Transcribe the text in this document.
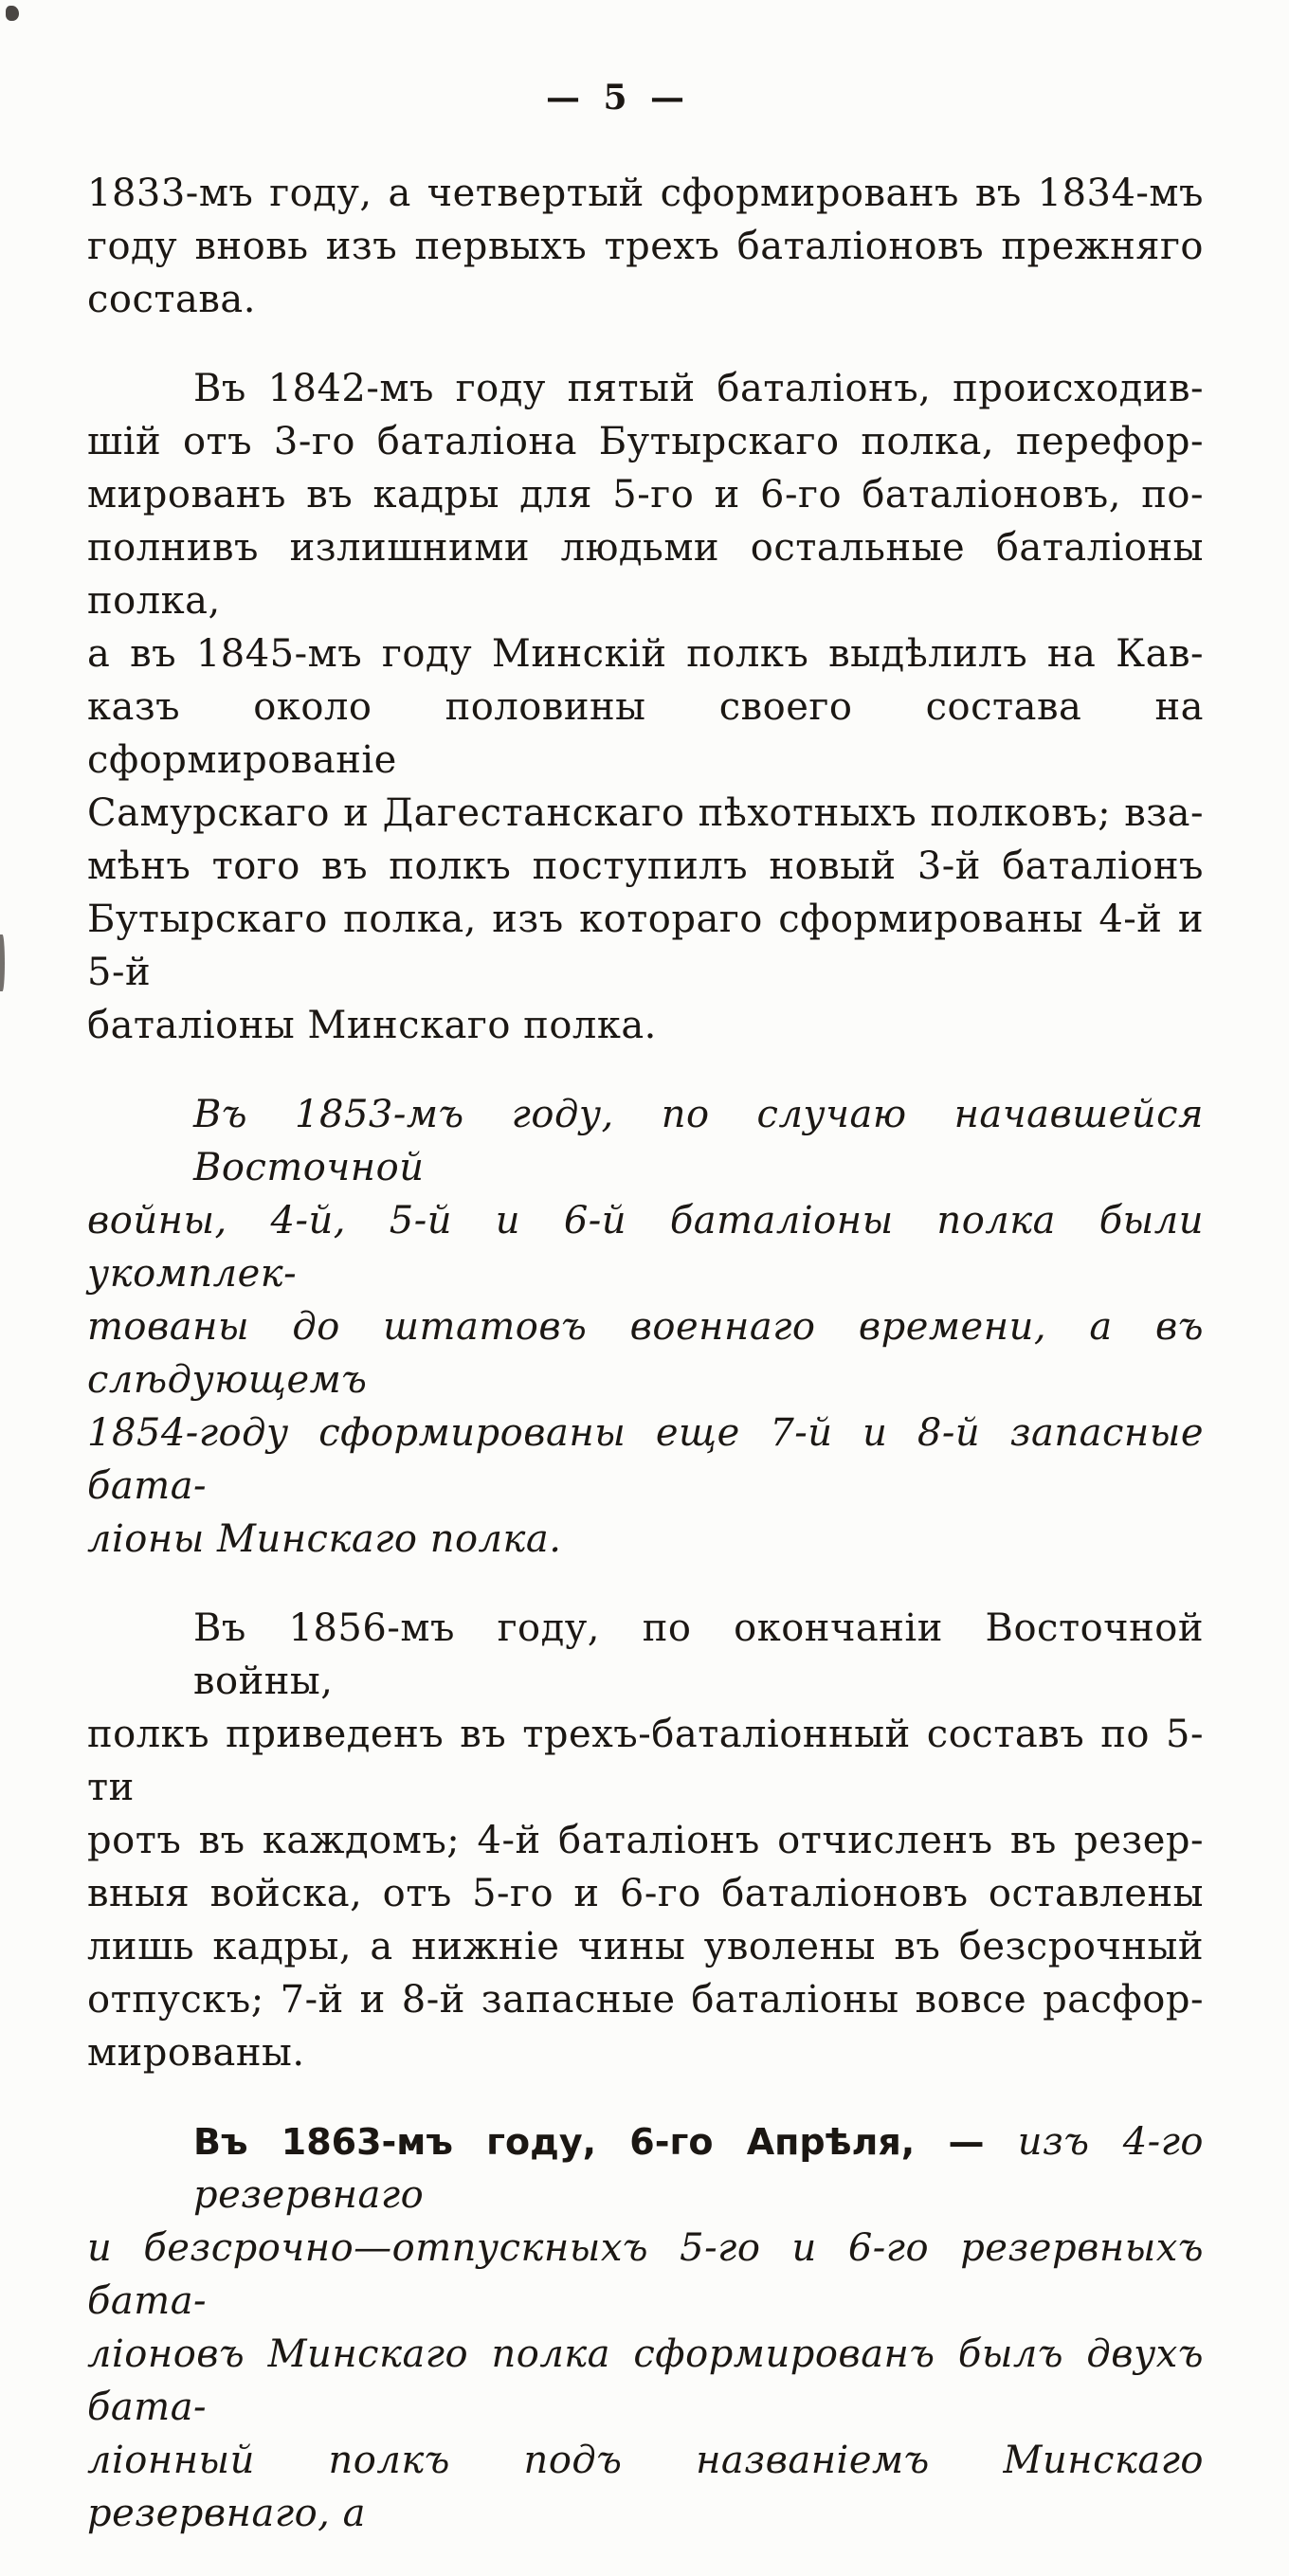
— 5 —

1833-мъ году, а четвертый сформированъ въ 1834-мъ
году вновь изъ первыхъ трехъ баталіоновъ прежняго
состава.

Въ 1842-мъ году пятый баталіонъ, происходив-
шій отъ 3-го баталіона Бутырскаго полка, перефор-
мированъ въ кадры для 5-го и 6-го баталіоновъ, по-
полнивъ излишними людьми остальные баталіоны полка,
а въ 1845-мъ году Минскій полкъ выдѣлилъ на Кав-
казъ около половины своего состава на сформированіе
Самурскаго и Дагестанскаго пѣхотныхъ полковъ; вза-
мѣнъ того въ полкъ поступилъ новый 3-й баталіонъ
Бутырскаго полка, изъ котораго сформированы 4-й и 5-й
баталіоны Минскаго полка.

Въ 1853-мъ году, по случаю начавшейся Восточной
войны, 4-й, 5-й и 6-й баталіоны полка были укомплек-
тованы до штатовъ военнаго времени, а въ слѣдующемъ
1854-году сформированы еще 7-й и 8-й запасные бата-
ліоны Минскаго полка.

Въ 1856-мъ году, по окончаніи Восточной войны,
полкъ приведенъ въ трехъ-баталіонный составъ по 5-ти
ротъ въ каждомъ; 4-й баталіонъ отчисленъ въ резер-
вныя войска, отъ 5-го и 6-го баталіоновъ оставлены
лишь кадры, а нижніе чины уволены въ безсрочный
отпускъ; 7-й и 8-й запасные баталіоны вовсе расфор-
мированы.

Въ 1863-мъ году, 6-го Апрѣля, — изъ 4-го резервнаго
и безсрочно—отпускныхъ 5-го и 6-го резервныхъ бата-
ліоновъ Минскаго полка сформированъ былъ двухъ бата-
ліонный полкъ подъ названіемъ Минскаго резервнаго, а
